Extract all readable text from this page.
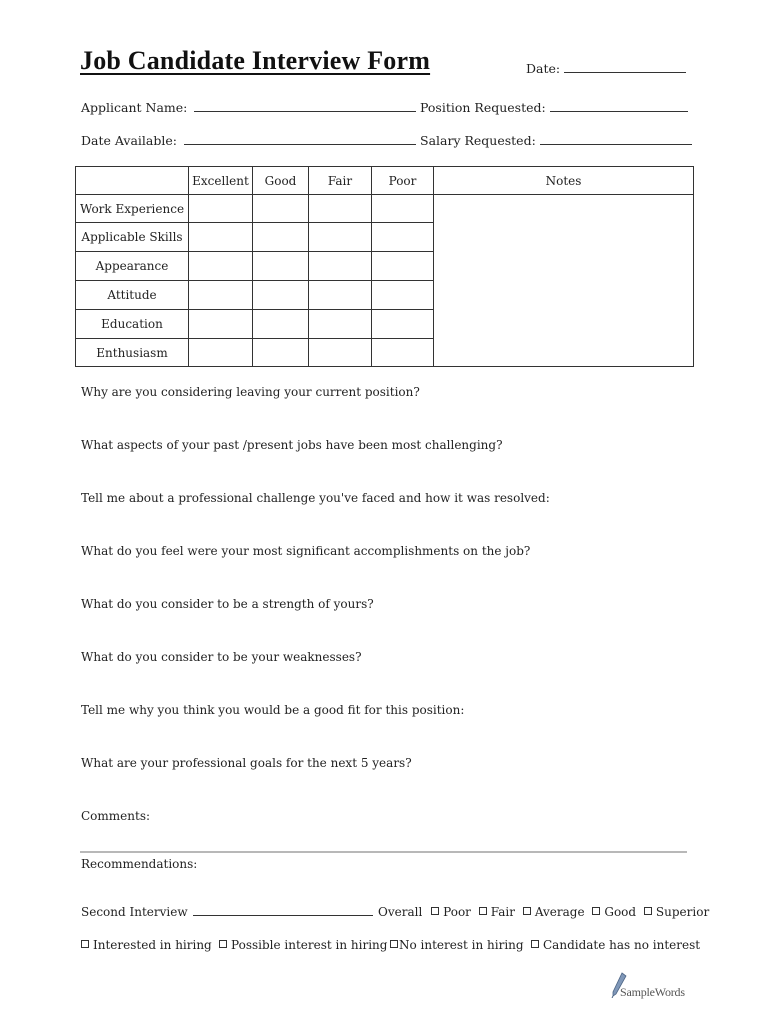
Job Candidate Interview Form	Date:
Applicant Name:	Position Requested:
Date Available:	Salary Requested:
	Excellent	Good	Fair	Poor	Notes
Work Experience					
Applicable Skills					
Appearance					
Attitude					
Education					
Enthusiasm					
Why are you considering leaving your current position?
What aspects of your past /present jobs have been most challenging?
Tell me about a professional challenge you've faced and how it was resolved:
What do you feel were your most significant accomplishments on the job?
What do you consider to be a strength of yours?
What do you consider to be your weaknesses?
Tell me why you think you would be a good fit for this position:
What are your professional goals for the next 5 years?
Comments:
Recommendations:
Second Interview	Overall Poor Fair Average Good Superior
Interested in hiring	Possible interest in hiring No interest in hiring	Candidate has no interest
SampleWords
